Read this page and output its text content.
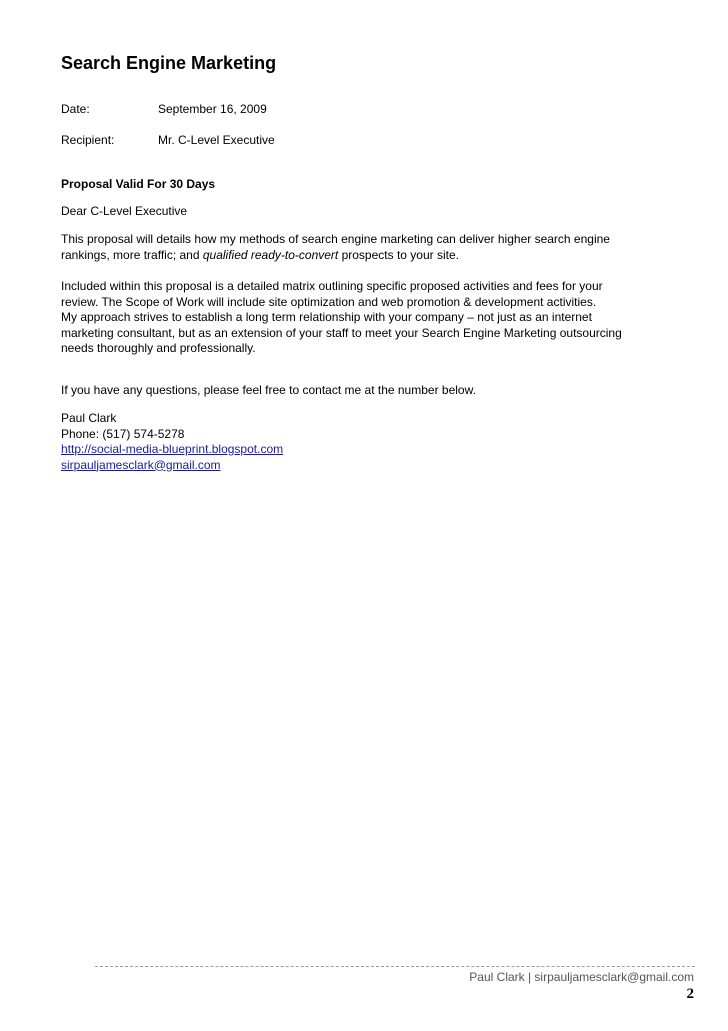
Search Engine Marketing
Date:	September 16, 2009
Recipient:	Mr. C-Level Executive
Proposal Valid For 30 Days
Dear C-Level Executive
This proposal will details how my methods of search engine marketing can deliver higher search engine
rankings, more traffic; and qualified ready-to-convert prospects to your site.
Included within this proposal is a detailed matrix outlining specific proposed activities and fees for your
review. The Scope of Work will include site optimization and web promotion & development activities.
My approach strives to establish a long term relationship with your company – not just as an internet
marketing consultant, but as an extension of your staff to meet your Search Engine Marketing outsourcing
needs thoroughly and professionally.
If you have any questions, please feel free to contact me at the number below.
Paul Clark
Phone: (517) 574-5278
http://social-media-blueprint.blogspot.com
sirpauljamesclark@gmail.com
Paul Clark | sirpauljamesclark@gmail.com
2
